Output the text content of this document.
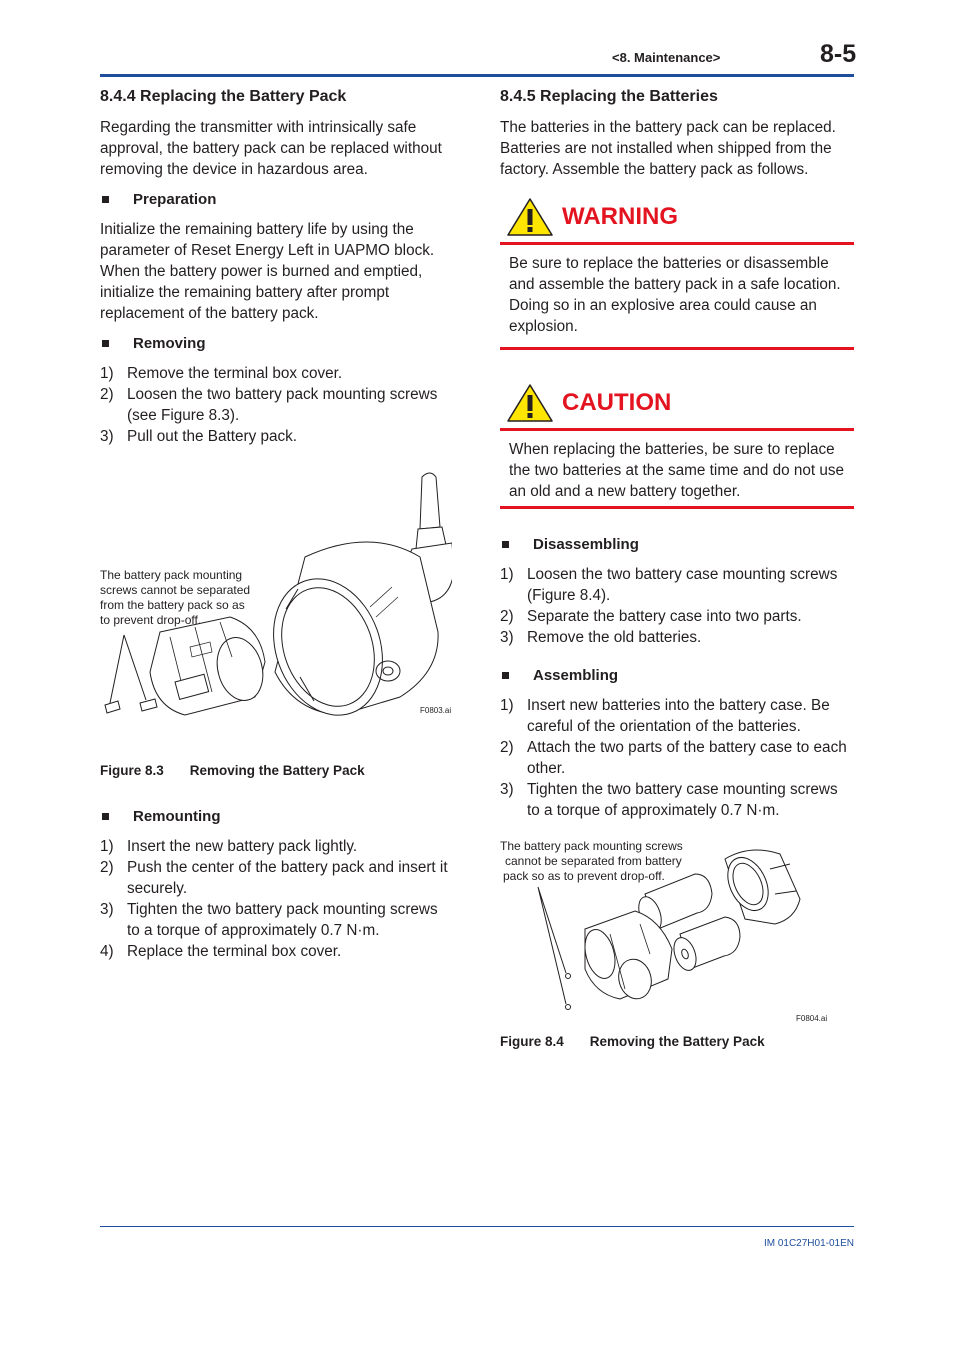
<8. Maintenance>	8-5
8.4.4 Replacing the Battery Pack

Regarding the transmitter with intrinsically safe approval, the battery pack can be replaced without removing the device in hazardous area.

Preparation

Initialize the remaining battery life by using the parameter of Reset Energy Left in UAPMO block. When the battery power is burned and emptied, initialize the remaining battery after prompt replacement of the battery pack.

Removing
1) Remove the terminal box cover.
2) Loosen the two battery pack mounting screws (see Figure 8.3).
3) Pull out the Battery pack.
The battery pack mounting
screws cannot be separated
from the battery pack so as
to prevent drop-off.
F0803.ai
Figure 8.3 Removing the Battery Pack
Remounting
1) Insert the new battery pack lightly.
2) Push the center of the battery pack and insert it securely.
3) Tighten the two battery pack mounting screws to a torque of approximately 0.7 N·m.
4) Replace the terminal box cover.
8.4.5 Replacing the Batteries

The batteries in the battery pack can be replaced. Batteries are not installed when shipped from the factory. Assemble the battery pack as follows.

WARNING
Be sure to replace the batteries or disassemble and assemble the battery pack in a safe location. Doing so in an explosive area could cause an explosion.
CAUTION
When replacing the batteries, be sure to replace the two batteries at the same time and do not use an old and a new battery together.
Disassembling
1) Loosen the two battery case mounting screws (Figure 8.4).
2) Separate the battery case into two parts.
3) Remove the old batteries.
Assembling
1) Insert new batteries into the battery case. Be careful of the orientation of the batteries.
2) Attach the two parts of the battery case to each other.
3) Tighten the two battery case mounting screws to a torque of approximately 0.7 N·m.
The battery pack mounting screws
cannot be separated from battery
pack so as to prevent drop-off.
F0804.ai
Figure 8.4 Removing the Battery Pack
IM 01C27H01-01EN
